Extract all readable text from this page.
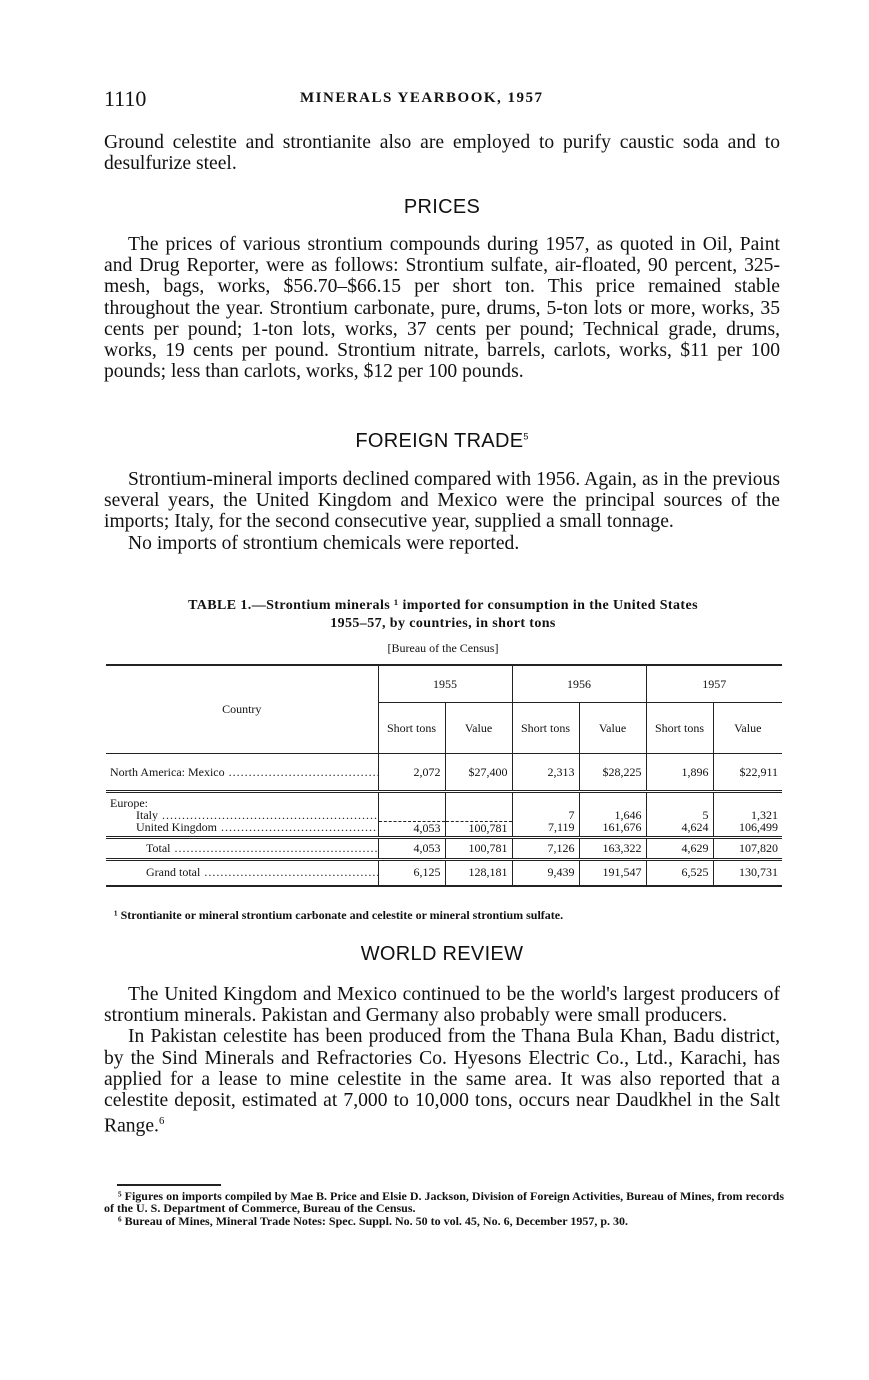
1110	MINERALS YEARBOOK, 1957

Ground celestite and strontianite also are employed to purify caustic soda and to desulfurize steel.

PRICES

The prices of various strontium compounds during 1957, as quoted in Oil, Paint and Drug Reporter, were as follows: Strontium sulfate, air-floated, 90 percent, 325-mesh, bags, works, $56.70–$66.15 per short ton. This price remained stable throughout the year. Strontium carbonate, pure, drums, 5-ton lots or more, works, 35 cents per pound; 1-ton lots, works, 37 cents per pound; Technical grade, drums, works, 19 cents per pound. Strontium nitrate, barrels, carlots, works, $11 per 100 pounds; less than carlots, works, $12 per 100 pounds.

FOREIGN TRADE$^5$

Strontium-mineral imports declined compared with 1956. Again, as in the previous several years, the United Kingdom and Mexico were the principal sources of the imports; Italy, for the second consecutive year, supplied a small tonnage.

No imports of strontium chemicals were reported.

TABLE 1.—Strontium minerals ¹ imported for consumption in the United States
1955–57, by countries, in short tons
[Bureau of the Census]
Country	1955		1956		1957	
	Short tons	Value	Short tons	Value	Short tons	Value
North America: Mexico .....	2,072	$27,400	2,313	$28,225	1,896	$22,911
Europe:						
Italy .....			7	1,646	5	1,321
United Kingdom .....	4,053	100,781	7,119	161,676	4,624	106,499
Total .....	4,053	100,781	7,126	163,322	4,629	107,820
Grand total .....	6,125	128,181	9,439	191,547	6,525	130,731
¹ Strontianite or mineral strontium carbonate and celestite or mineral strontium sulfate.
WORLD REVIEW

The United Kingdom and Mexico continued to be the world's largest producers of strontium minerals. Pakistan and Germany also probably were small producers.

In Pakistan celestite has been produced from the Thana Bula Khan, Badu district, by the Sind Minerals and Refractories Co. Hyesons Electric Co., Ltd., Karachi, has applied for a lease to mine celestite in the same area. It was also reported that a celestite deposit, estimated at 7,000 to 10,000 tons, occurs near Daudkhel in the Salt Range.$^6$

⁵ Figures on imports compiled by Mae B. Price and Elsie D. Jackson, Division of Foreign Activities, Bureau of Mines, from records of the U. S. Department of Commerce, Bureau of the Census.
⁶ Bureau of Mines, Mineral Trade Notes: Spec. Suppl. No. 50 to vol. 45, No. 6, December 1957, p. 30.
